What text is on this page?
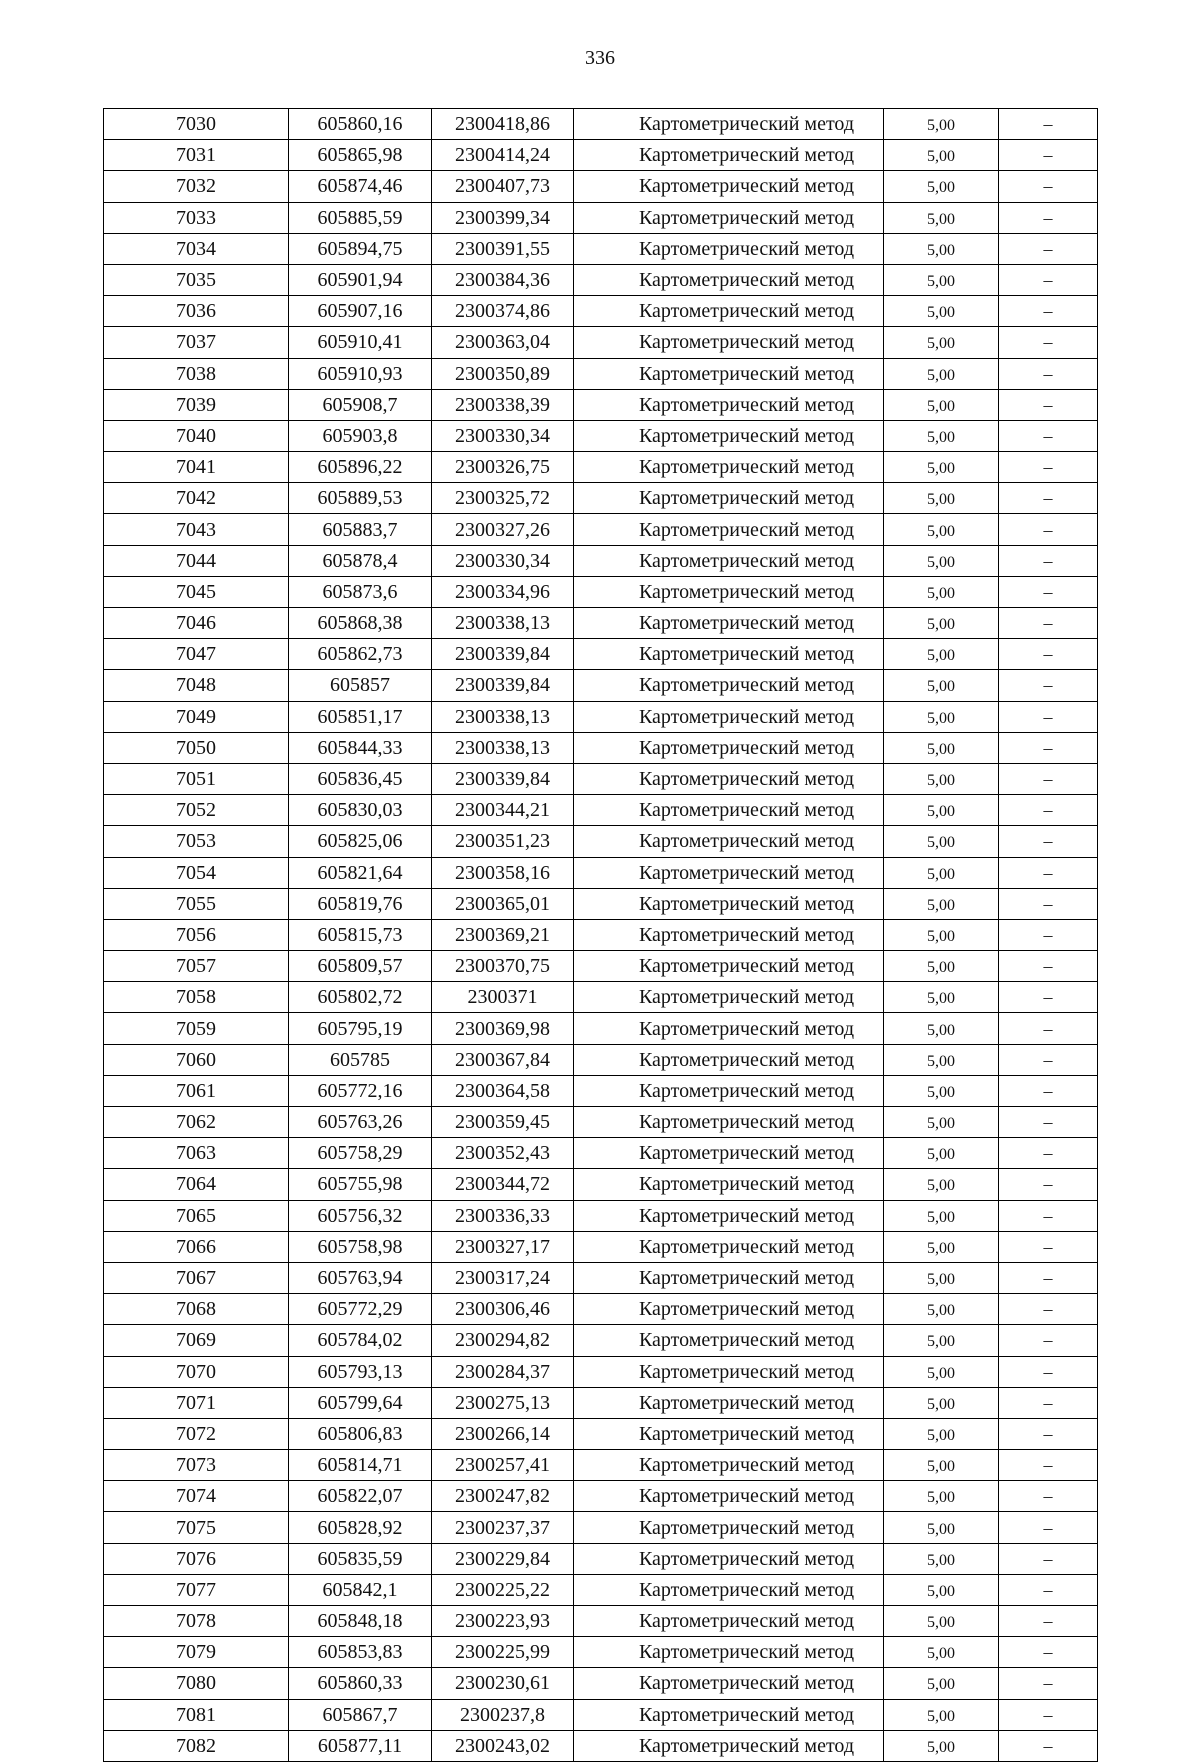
336
7030	605860,16	2300418,86	Картометрический метод	5,00	–
7031	605865,98	2300414,24	Картометрический метод	5,00	–
7032	605874,46	2300407,73	Картометрический метод	5,00	–
7033	605885,59	2300399,34	Картометрический метод	5,00	–
7034	605894,75	2300391,55	Картометрический метод	5,00	–
7035	605901,94	2300384,36	Картометрический метод	5,00	–
7036	605907,16	2300374,86	Картометрический метод	5,00	–
7037	605910,41	2300363,04	Картометрический метод	5,00	–
7038	605910,93	2300350,89	Картометрический метод	5,00	–
7039	605908,7	2300338,39	Картометрический метод	5,00	–
7040	605903,8	2300330,34	Картометрический метод	5,00	–
7041	605896,22	2300326,75	Картометрический метод	5,00	–
7042	605889,53	2300325,72	Картометрический метод	5,00	–
7043	605883,7	2300327,26	Картометрический метод	5,00	–
7044	605878,4	2300330,34	Картометрический метод	5,00	–
7045	605873,6	2300334,96	Картометрический метод	5,00	–
7046	605868,38	2300338,13	Картометрический метод	5,00	–
7047	605862,73	2300339,84	Картометрический метод	5,00	–
7048	605857	2300339,84	Картометрический метод	5,00	–
7049	605851,17	2300338,13	Картометрический метод	5,00	–
7050	605844,33	2300338,13	Картометрический метод	5,00	–
7051	605836,45	2300339,84	Картометрический метод	5,00	–
7052	605830,03	2300344,21	Картометрический метод	5,00	–
7053	605825,06	2300351,23	Картометрический метод	5,00	–
7054	605821,64	2300358,16	Картометрический метод	5,00	–
7055	605819,76	2300365,01	Картометрический метод	5,00	–
7056	605815,73	2300369,21	Картометрический метод	5,00	–
7057	605809,57	2300370,75	Картометрический метод	5,00	–
7058	605802,72	2300371	Картометрический метод	5,00	–
7059	605795,19	2300369,98	Картометрический метод	5,00	–
7060	605785	2300367,84	Картометрический метод	5,00	–
7061	605772,16	2300364,58	Картометрический метод	5,00	–
7062	605763,26	2300359,45	Картометрический метод	5,00	–
7063	605758,29	2300352,43	Картометрический метод	5,00	–
7064	605755,98	2300344,72	Картометрический метод	5,00	–
7065	605756,32	2300336,33	Картометрический метод	5,00	–
7066	605758,98	2300327,17	Картометрический метод	5,00	–
7067	605763,94	2300317,24	Картометрический метод	5,00	–
7068	605772,29	2300306,46	Картометрический метод	5,00	–
7069	605784,02	2300294,82	Картометрический метод	5,00	–
7070	605793,13	2300284,37	Картометрический метод	5,00	–
7071	605799,64	2300275,13	Картометрический метод	5,00	–
7072	605806,83	2300266,14	Картометрический метод	5,00	–
7073	605814,71	2300257,41	Картометрический метод	5,00	–
7074	605822,07	2300247,82	Картометрический метод	5,00	–
7075	605828,92	2300237,37	Картометрический метод	5,00	–
7076	605835,59	2300229,84	Картометрический метод	5,00	–
7077	605842,1	2300225,22	Картометрический метод	5,00	–
7078	605848,18	2300223,93	Картометрический метод	5,00	–
7079	605853,83	2300225,99	Картометрический метод	5,00	–
7080	605860,33	2300230,61	Картометрический метод	5,00	–
7081	605867,7	2300237,8	Картометрический метод	5,00	–
7082	605877,11	2300243,02	Картометрический метод	5,00	–
